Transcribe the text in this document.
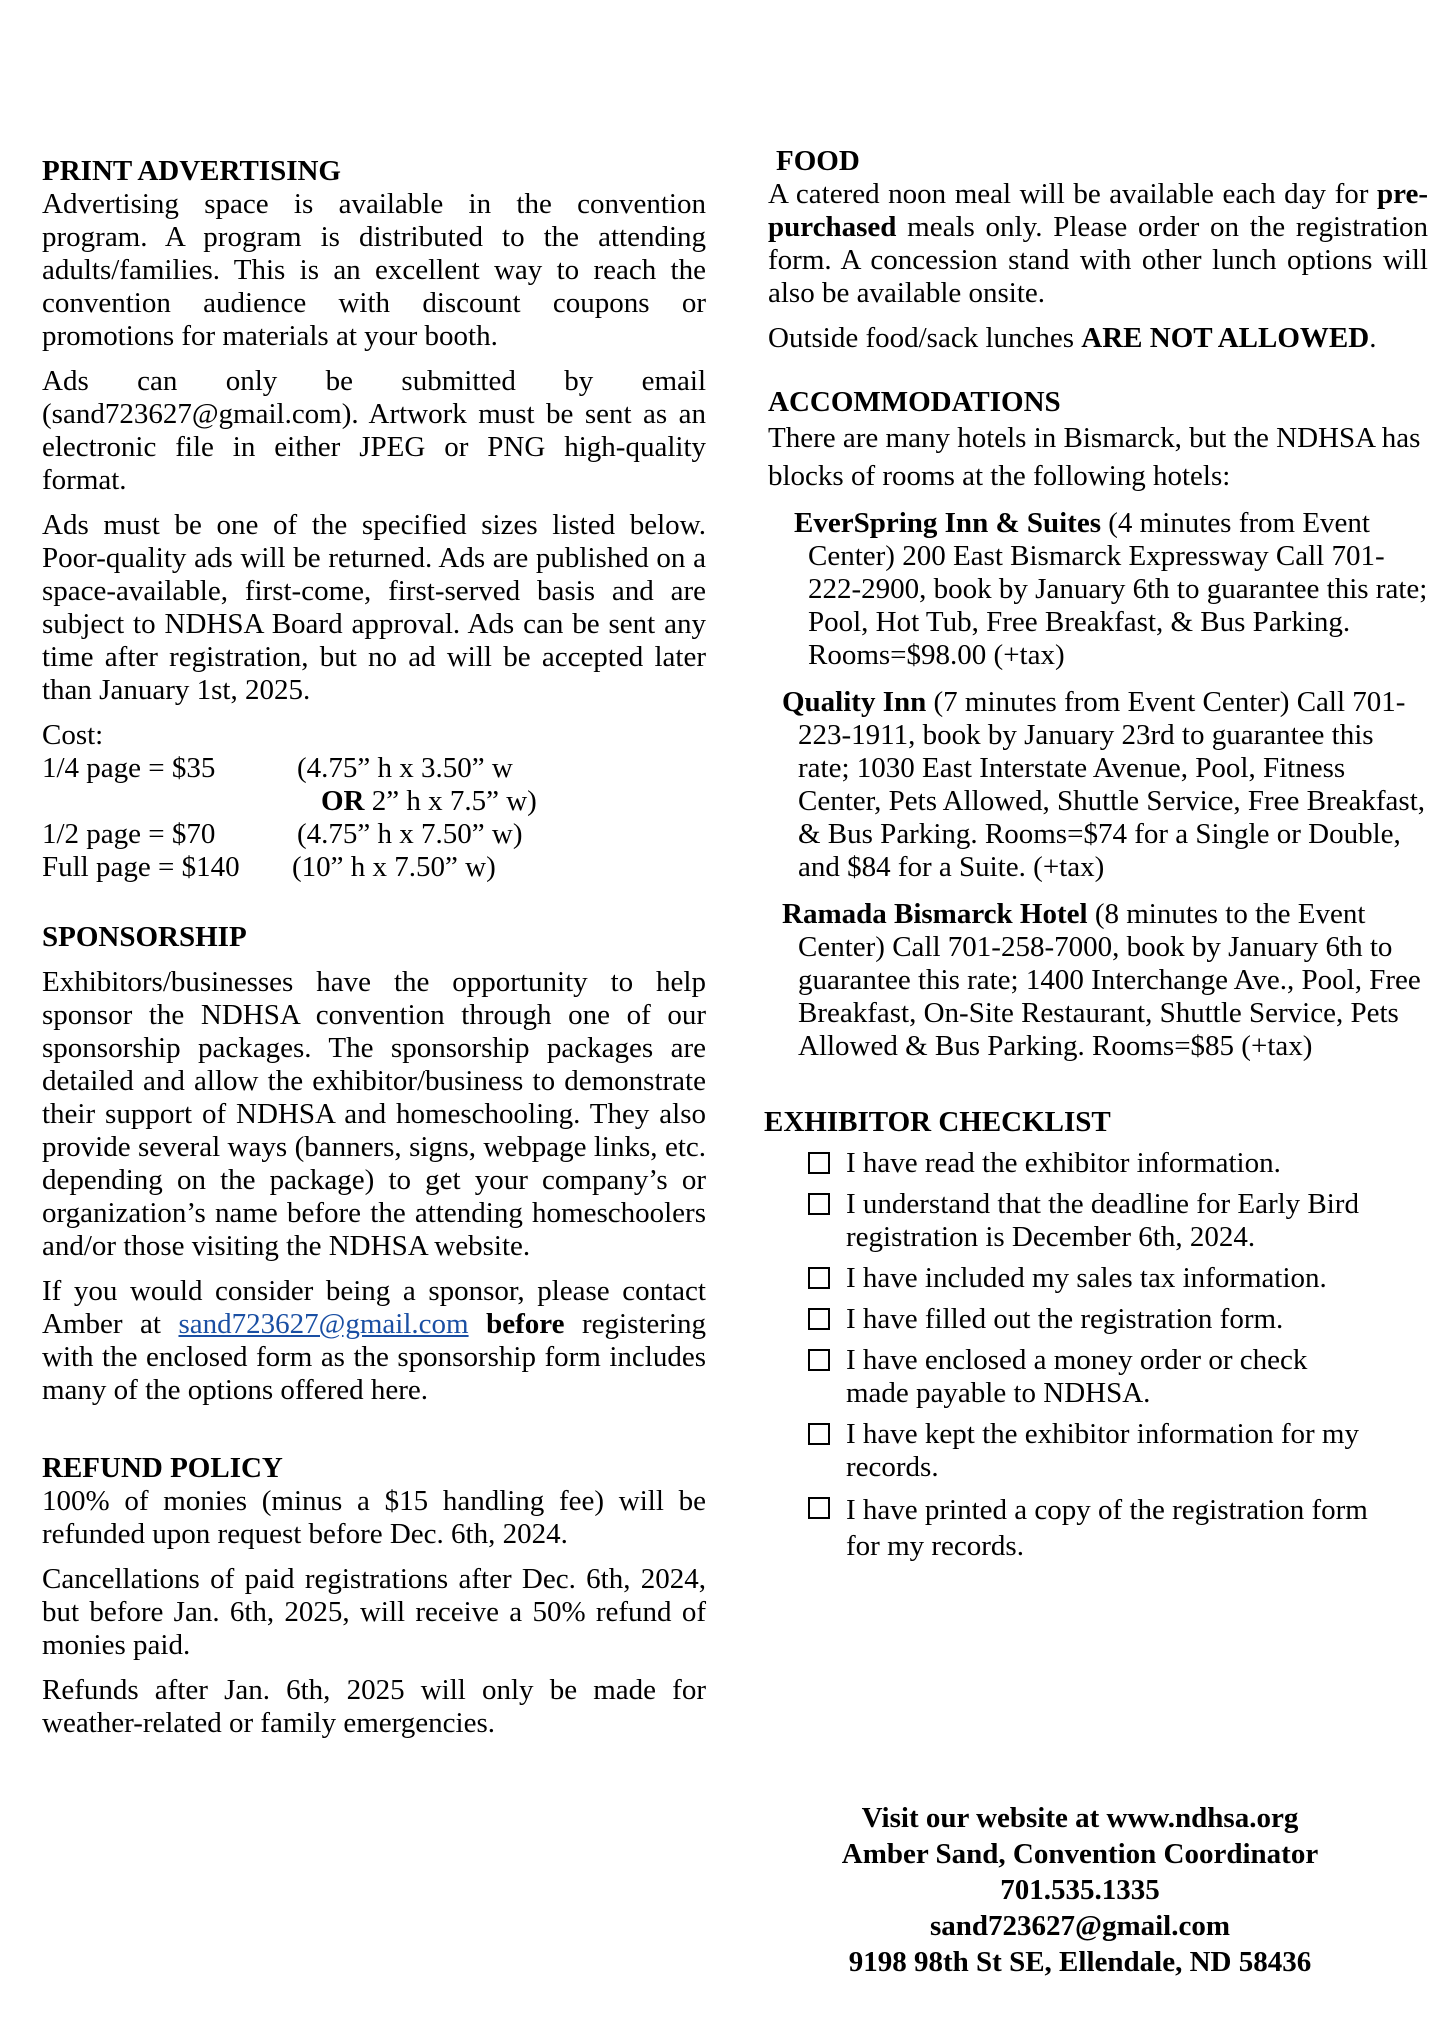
PRINT ADVERTISING

Advertising space is available in the convention program. A program is distributed to the attending adults/families. This is an excellent way to reach the convention audience with discount coupons or promotions for materials at your booth.

Ads can only be submitted by email (sand723627@gmail.com). Artwork must be sent as an electronic file in either JPEG or PNG high-quality format.

Ads must be one of the specified sizes listed below. Poor-quality ads will be returned. Ads are published on a space-available, first-come, first-served basis and are subject to NDHSA Board approval. Ads can be sent any time after registration, but no ad will be accepted later than January 1st, 2025.

Cost:

1/4 page = $35	(4.75” h x 3.50” w
OR 2” h x 7.5” w)
1/2 page = $70	(4.75” h x 7.50” w)
Full page = $140	(10” h x 7.50” w)
SPONSORSHIP

Exhibitors/businesses have the opportunity to help sponsor the NDHSA convention through one of our sponsorship packages. The sponsorship packages are detailed and allow the exhibitor/business to demonstrate their support of NDHSA and homeschooling. They also provide several ways (banners, signs, webpage links, etc. depending on the package) to get your company’s or organization’s name before the attending homeschoolers and/or those visiting the NDHSA website.

If you would consider being a sponsor, please contact Amber at sand723627@gmail.com before registering with the enclosed form as the sponsorship form includes many of the options offered here.

REFUND POLICY

100% of monies (minus a $15 handling fee) will be refunded upon request before Dec. 6th, 2024.

Cancellations of paid registrations after Dec. 6th, 2024, but before Jan. 6th, 2025, will receive a 50% refund of monies paid.

Refunds after Jan. 6th, 2025 will only be made for weather-related or family emergencies.

FOOD

A catered noon meal will be available each day for pre-purchased meals only. Please order on the registration form. A concession stand with other lunch options will also be available onsite.

Outside food/sack lunches ARE NOT ALLOWED.

ACCOMMODATIONS

There are many hotels in Bismarck, but the NDHSA has blocks of rooms at the following hotels:

EverSpring Inn & Suites (4 minutes from Event Center) 200 East Bismarck Expressway Call 701-222-2900, book by January 6th to guarantee this rate; Pool, Hot Tub, Free Breakfast, & Bus Parking. Rooms=$98.00 (+tax)
Quality Inn (7 minutes from Event Center) Call 701-223-1911, book by January 23rd to guarantee this rate; 1030 East Interstate Avenue, Pool, Fitness Center, Pets Allowed, Shuttle Service, Free Breakfast, & Bus Parking. Rooms=$74 for a Single or Double, and $84 for a Suite. (+tax)
Ramada Bismarck Hotel (8 minutes to the Event Center) Call 701-258-7000, book by January 6th to guarantee this rate; 1400 Interchange Ave., Pool, Free Breakfast, On-Site Restaurant, Shuttle Service, Pets Allowed & Bus Parking. Rooms=$85 (+tax)
EXHIBITOR CHECKLIST
I have read the exhibitor information.
I understand that the deadline for Early Bird registration is December 6th, 2024.
I have included my sales tax information.
I have filled out the registration form.
I have enclosed a money order or check made payable to NDHSA.
I have kept the exhibitor information for my records.
I have printed a copy of the registration form for my records.
Visit our website at www.ndhsa.org
Amber Sand, Convention Coordinator
701.535.1335
sand723627@gmail.com
9198 98th St SE, Ellendale, ND 58436
